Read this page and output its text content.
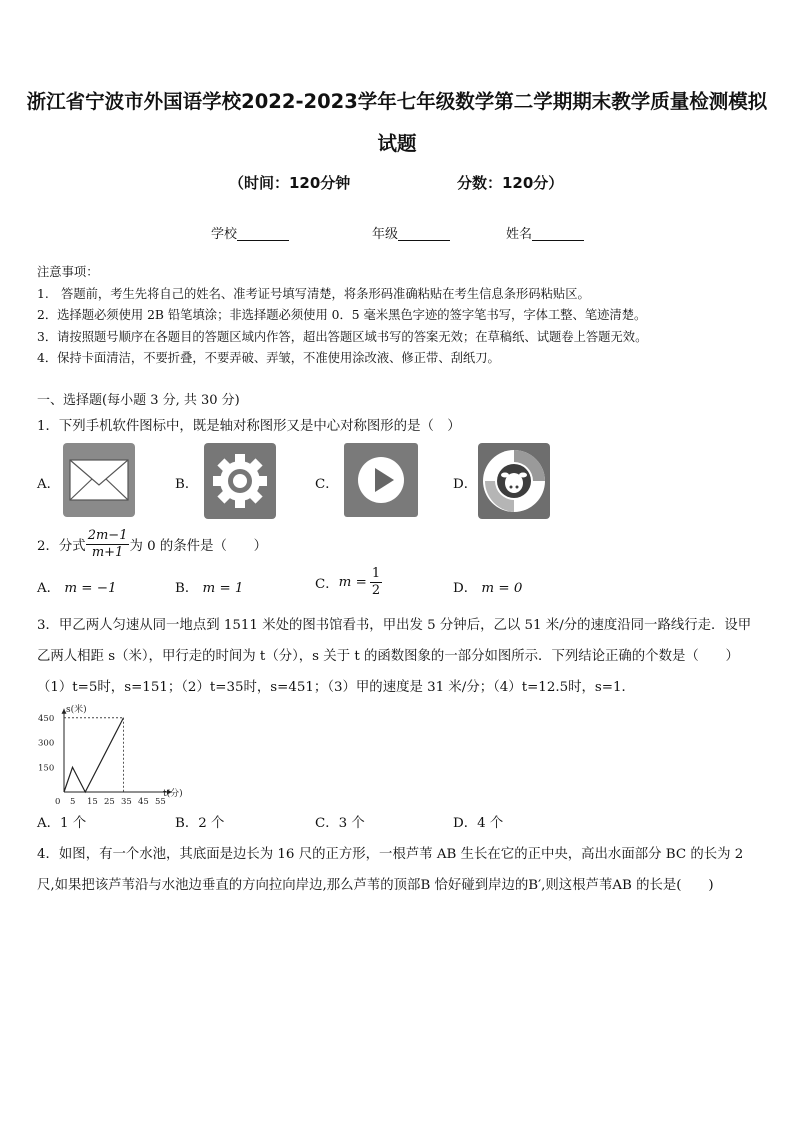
浙江省宁波市外国语学校2022-2023学年七年级数学第二学期期末教学质量检测模拟
试题
（时间：120分钟	分数：120分）
学校	年级	姓名
注意事项：
1.　答题前，考生先将自己的姓名、准考证号填写清楚，将条形码准确粘贴在考生信息条形码粘贴区。
2．选择题必须使用 2B 铅笔填涂；非选择题必须使用 0．5 毫米黑色字迹的签字笔书写，字体工整、笔迹清楚。
3．请按照题号顺序在各题目的答题区域内作答，超出答题区域书写的答案无效；在草稿纸、试题卷上答题无效。
4．保持卡面清洁，不要折叠，不要弄破、弄皱，不准使用涂改液、修正带、刮纸刀。
一、选择题(每小题 3 分, 共 30 分)
1．下列手机软件图标中，既是轴对称图形又是中心对称图形的是（　）
A．	B．	C．	D．
2．分式 $\frac{2m-1}{m+1}$ 为 0 的条件是（　　）
A． m = −1	B． m = 1	C． $m = \frac{1}{2}$	D． m = 0
3．甲乙两人匀速从同一地点到 1511 米处的图书馆看书，甲出发 5 分钟后，乙以 51 米/分的速度沿同一路线行走．设甲
乙两人相距 s（米），甲行走的时间为 t（分），s 关于 t 的函数图象的一部分如图所示．下列结论正确的个数是（　　）
（1）t=5时，s=151；（2）t=35时，s=451；（3）甲的速度是 31 米/分；（4）t=12.5时，s=1．
s(米)
t(分)
0 5 15 25 35 45 55
150
300
450
A．1 个	B．2 个	C．3 个	D．4 个
4．如图，有一个水池，其底面是边长为 16 尺的正方形，一根芦苇 AB 生长在它的正中央，高出水面部分 BC 的长为 2
尺,如果把该芦苇沿与水池边垂直的方向拉向岸边,那么芦苇的顶部B 恰好碰到岸边的B′,则这根芦苇AB 的长是(　　)
